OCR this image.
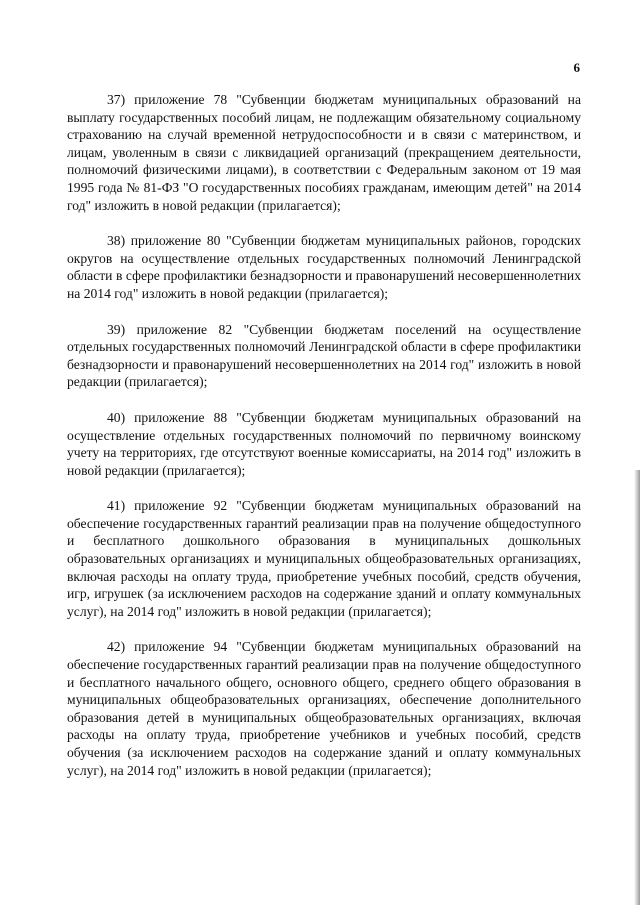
6

37) приложение 78 "Субвенции бюджетам муниципальных образований на выплату государственных пособий лицам, не подлежащим обязательному социальному страхованию на случай временной нетрудоспособности и в связи с материнством, и лицам, уволенным в связи с ликвидацией организаций (прекращением деятельности, полномочий физическими лицами), в соответствии с Федеральным законом от 19 мая 1995 года № 81-ФЗ "О государственных пособиях гражданам, имеющим детей" на 2014 год" изложить в новой редакции (прилагается);

38) приложение 80 "Субвенции бюджетам муниципальных районов, городских округов на осуществление отдельных государственных полномочий Ленинградской области в сфере профилактики безнадзорности и правонарушений несовершеннолетних на 2014 год" изложить в новой редакции (прилагается);

39) приложение 82 "Субвенции бюджетам поселений на осуществление отдельных государственных полномочий Ленинградской области в сфере профилактики безнадзорности и правонарушений несовершеннолетних на 2014 год" изложить в новой редакции (прилагается);

40) приложение 88 "Субвенции бюджетам муниципальных образований на осуществление отдельных государственных полномочий по первичному воинскому учету на территориях, где отсутствуют военные комиссариаты, на 2014 год" изложить в новой редакции (прилагается);

41) приложение 92 "Субвенции бюджетам муниципальных образований на обеспечение государственных гарантий реализации прав на получение общедоступного и бесплатного дошкольного образования в муниципальных дошкольных образовательных организациях и муниципальных общеобразовательных организациях, включая расходы на оплату труда, приобретение учебных пособий, средств обучения, игр, игрушек (за исключением расходов на содержание зданий и оплату коммунальных услуг), на 2014 год" изложить в новой редакции (прилагается);

42) приложение 94 "Субвенции бюджетам муниципальных образований на обеспечение государственных гарантий реализации прав на получение общедоступного и бесплатного начального общего, основного общего, среднего общего образования в муниципальных общеобразовательных организациях, обеспечение дополнительного образования детей в муниципальных общеобразовательных организациях, включая расходы на оплату труда, приобретение учебников и учебных пособий, средств обучения (за исключением расходов на содержание зданий и оплату коммунальных услуг), на 2014 год" изложить в новой редакции (прилагается);
